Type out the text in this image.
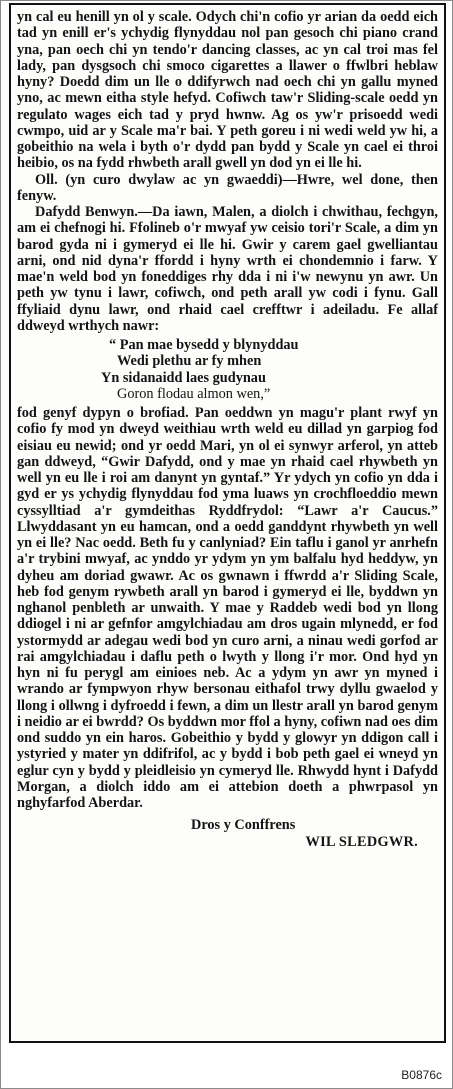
yn cal eu henill yn ol y scale. Odych chi'n cofio yr arian da oedd eich tad yn enill er's ychydig flynyddau nol pan gesoch chi piano crand yna, pan oech chi yn tendo'r dancing classes, ac yn cal troi mas fel lady, pan dysgsoch chi smoco cigarettes a llawer o ffwlbri heblaw hyny? Doedd dim un lle o ddifyrwch nad oech chi yn gallu myned yno, ac mewn eitha style hefyd. Cofiwch taw'r Sliding-scale oedd yn regulato wages eich tad y pryd hwnw. Ag os yw'r prisoedd wedi cwmpo, uid ar y Scale ma'r bai. Y peth goreu i ni wedi weld yw hi, a gobeithio na wela i byth o'r dydd pan bydd y Scale yn cael ei throi heibio, os na fydd rhwbeth arall gwell yn dod yn ei lle hi.

Oll. (yn curo dwylaw ac yn gwaeddi)—Hwre, wel done, then fenyw.

Dafydd Benwyn.—Da iawn, Malen, a diolch i chwithau, fechgyn, am ei chefnogi hi. Ffolineb o'r mwyaf yw ceisio tori'r Scale, a dim yn barod gyda ni i gymeryd ei lle hi. Gwir y carem gael gwelliantau arni, ond nid dyna'r ffordd i hyny wrth ei chondemnio i farw. Y mae'n weld bod yn foneddiges rhy dda i ni i'w newynu yn awr. Un peth yw tynu i lawr, cofiwch, ond peth arall yw codi i fynu. Gall ffyliaid dynu lawr, ond rhaid cael crefftwr i adeiladu. Fe allaf ddweyd wrthych nawr:

“ Pan mae bysedd y blynyddau
Wedi plethu ar fy mhen
Yn sidanaidd laes gudynau
Goron flodau almon wen,”

fod genyf dypyn o brofiad. Pan oeddwn yn magu'r plant rwyf yn cofio fy mod yn dweyd weithiau wrth weld eu dillad yn garpiog fod eisiau eu newid; ond yr oedd Mari, yn ol ei synwyr arferol, yn atteb gan ddweyd, “Gwir Dafydd, ond y mae yn rhaid cael rhywbeth yn well yn eu lle i roi am danynt yn gyntaf.” Yr ydych yn cofio yn dda i gyd er ys ychydig flynyddau fod yma luaws yn crochfloeddio mewn cyssylltiad a'r gymdeithas Ryddfrydol: “Lawr a'r Caucus.” Llwyddasant yn eu hamcan, ond a oedd ganddynt rhywbeth yn well yn ei lle? Nac oedd. Beth fu y canlyniad? Ein taflu i ganol yr anrhefn a'r trybini mwyaf, ac ynddo yr ydym yn ym balfalu hyd heddyw, yn dyheu am doriad gwawr. Ac os gwnawn i ffwrdd a'r Sliding Scale, heb fod genym rywbeth arall yn barod i gymeryd ei lle, byddwn yn nghanol penbleth ar unwaith. Y mae y Raddeb wedi bod yn llong ddiogel i ni ar gefnfor amgylchiadau am dros ugain mlynedd, er fod ystormydd ar adegau wedi bod yn curo arni, a ninau wedi gorfod ar rai amgylchiadau i daflu peth o lwyth y llong i'r mor. Ond hyd yn hyn ni fu perygl am einioes neb. Ac a ydym yn awr yn myned i wrando ar fympwyon rhyw bersonau eithafol trwy dyllu gwaelod y llong i ollwng i dyfroedd i fewn, a dim un llestr arall yn barod genym i neidio ar ei bwrdd? Os byddwn mor ffol a hyny, cofiwn nad oes dim ond suddo yn ein haros. Gobeithio y bydd y glowyr yn ddigon call i ystyried y mater yn ddifrifol, ac y bydd i bob peth gael ei wneyd yn eglur cyn y bydd y pleidleisio yn cymeryd lle. Rhwydd hynt i Dafydd Morgan, a diolch iddo am ei attebion doeth a phwrpasol yn nghyfarfod Aberdar.

Dros y Conffrens
WIL SLEDGWR.
B0876c
